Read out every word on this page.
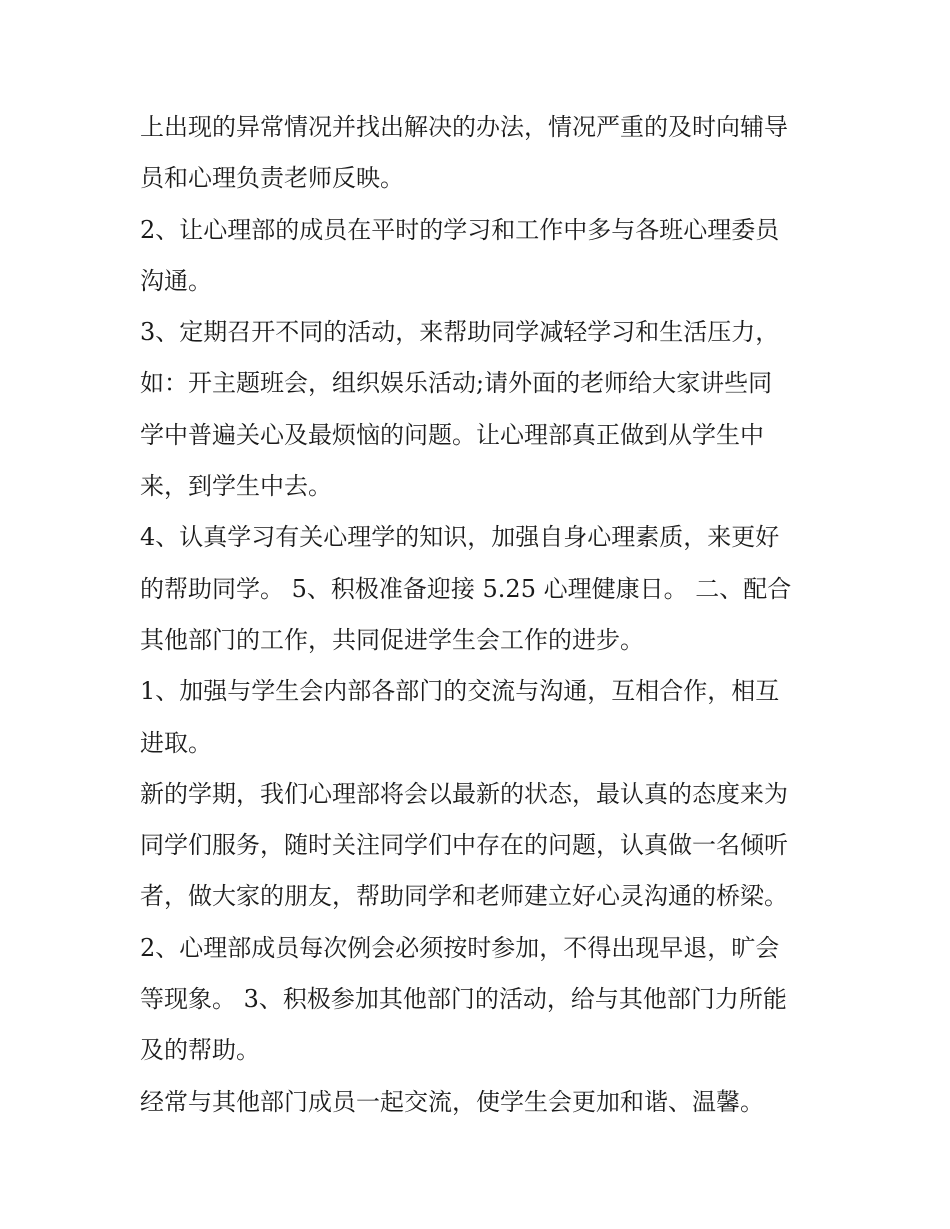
上出现的异常情况并找出解决的办法，情况严重的及时向辅导
员和心理负责老师反映。
2、让心理部的成员在平时的学习和工作中多与各班心理委员
沟通。
3、定期召开不同的活动，来帮助同学减轻学习和生活压力，
如：开主题班会，组织娱乐活动;请外面的老师给大家讲些同
学中普遍关心及最烦恼的问题。让心理部真正做到从学生中
来，到学生中去。
4、认真学习有关心理学的知识，加强自身心理素质，来更好
的帮助同学。 5、积极准备迎接 5.25 心理健康日。 二、配合
其他部门的工作，共同促进学生会工作的进步。
1、加强与学生会内部各部门的交流与沟通，互相合作，相互
进取。
新的学期，我们心理部将会以最新的状态，最认真的态度来为
同学们服务，随时关注同学们中存在的问题，认真做一名倾听
者，做大家的朋友，帮助同学和老师建立好心灵沟通的桥梁。
2、心理部成员每次例会必须按时参加，不得出现早退，旷会
等现象。 3、积极参加其他部门的活动，给与其他部门力所能
及的帮助。
经常与其他部门成员一起交流，使学生会更加和谐、温馨。
